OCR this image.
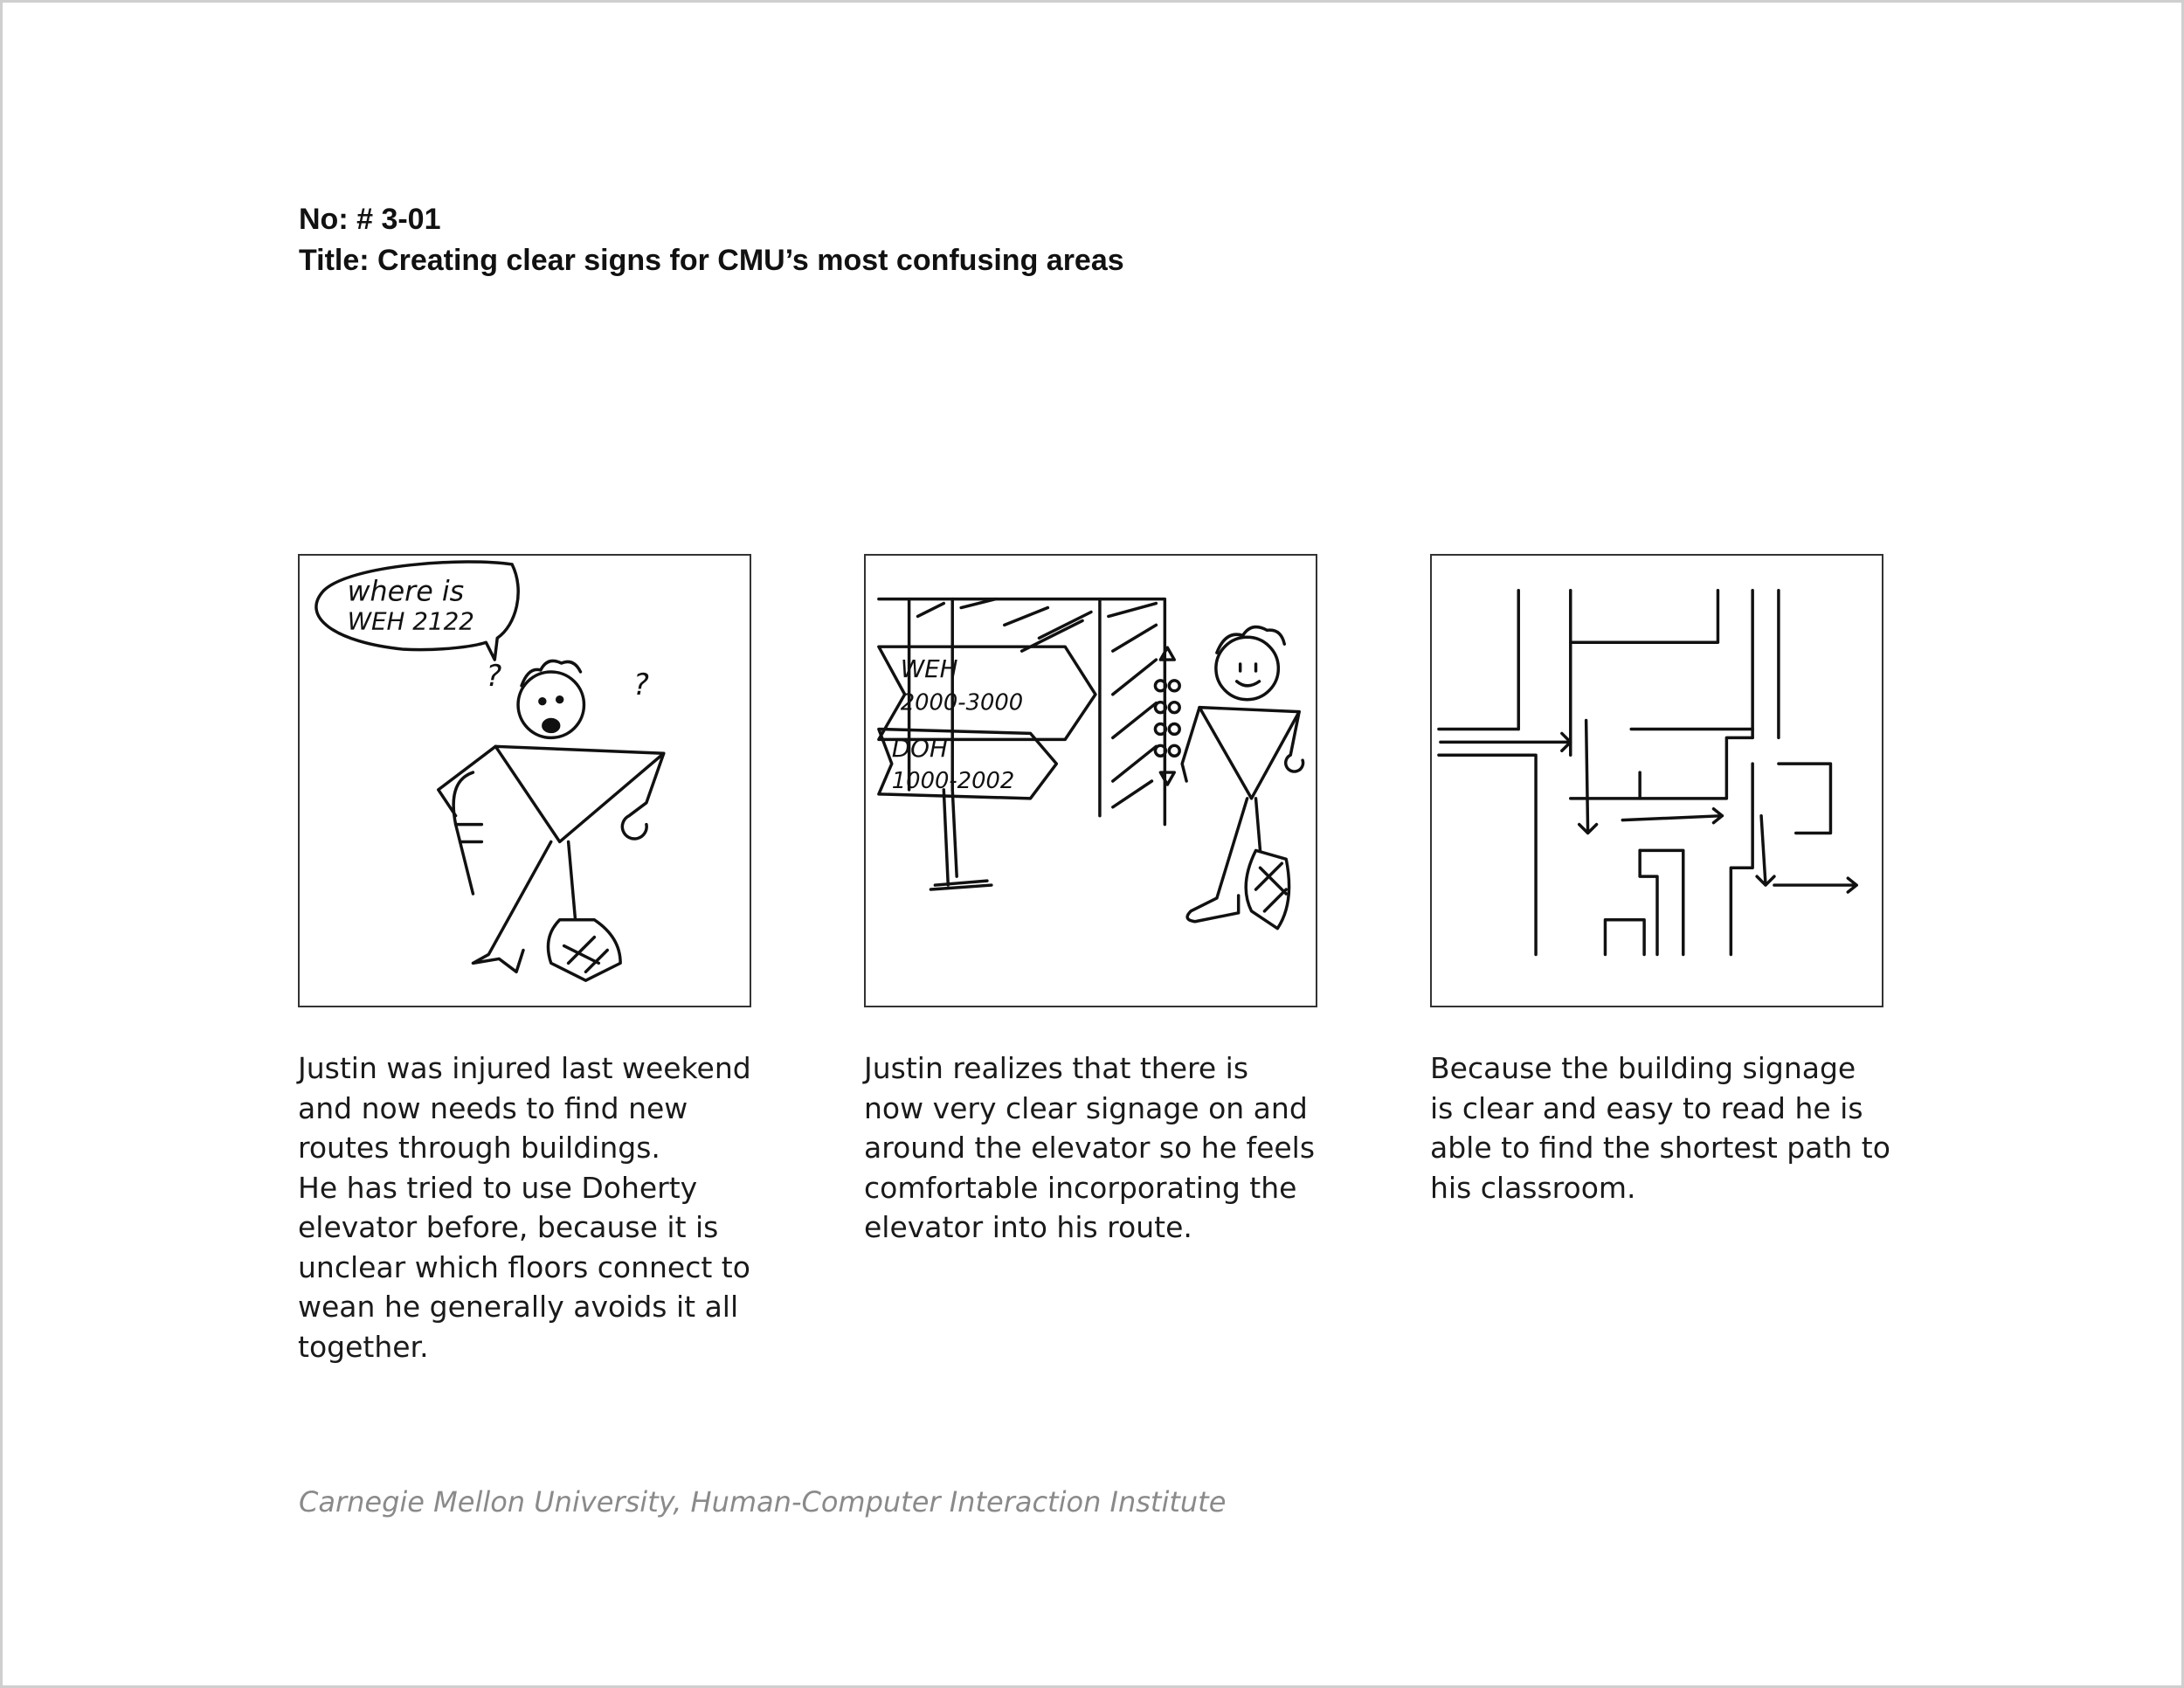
No: # 3-01
Title: Creating clear signs for CMU’s most confusing areas
where is
WEH 2122
?	?	WEH
2000-3000
DOH
1000-2002

Justin was injured last weekend

and now needs to find new

routes through buildings.

He has tried to use Doherty

elevator before, because it is

unclear which floors connect to

wean he generally avoids it all

together.

Justin realizes that there is

now very clear signage on and

around the elevator so he feels

comfortable incorporating the

elevator into his route.

Because the building signage

is clear and easy to read he is

able to find the shortest path to

his classroom.

Carnegie Mellon University, Human-Computer Interaction Institute
